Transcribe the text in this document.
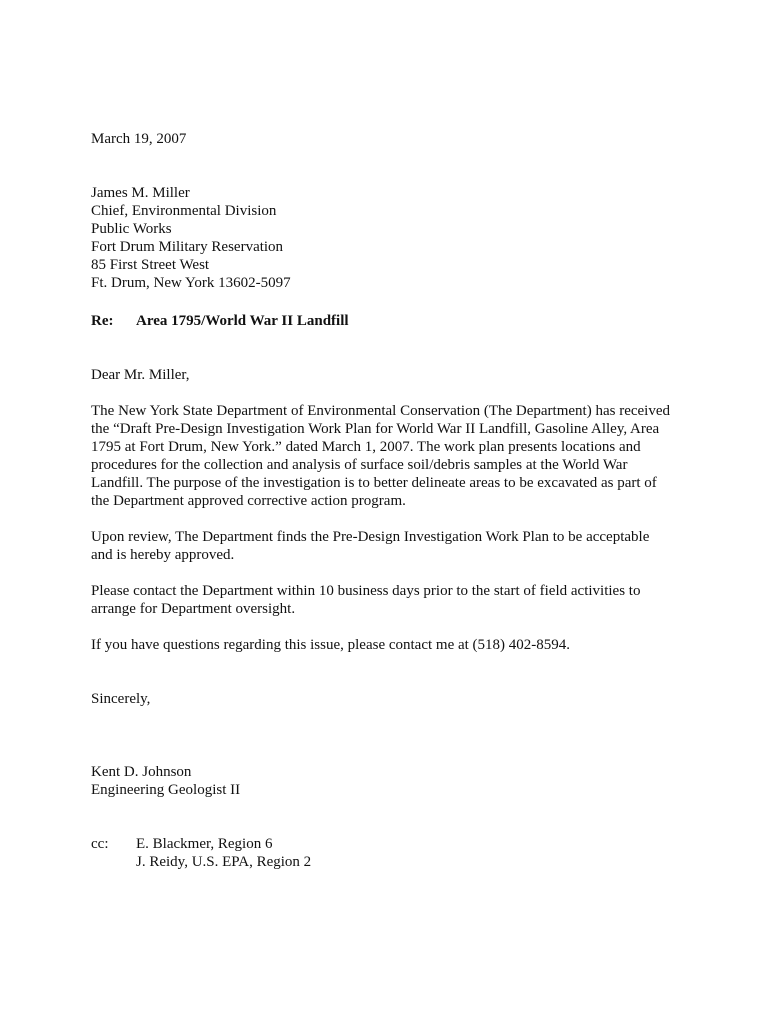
March 19, 2007
James M. Miller
Chief, Environmental Division
Public Works
Fort Drum Military Reservation
85 First Street West
Ft. Drum, New York 13602-5097
Re: Area 1795/World War II Landfill
Dear Mr. Miller,
The New York State Department of Environmental Conservation (The Department) has received
the “Draft Pre-Design Investigation Work Plan for World War II Landfill, Gasoline Alley, Area
1795 at Fort Drum, New York.” dated March 1, 2007. The work plan presents locations and
procedures for the collection and analysis of surface soil/debris samples at the World War
Landfill. The purpose of the investigation is to better delineate areas to be excavated as part of
the Department approved corrective action program.
Upon review, The Department finds the Pre-Design Investigation Work Plan to be acceptable
and is hereby approved.
Please contact the Department within 10 business days prior to the start of field activities to
arrange for Department oversight.
If you have questions regarding this issue, please contact me at (518) 402-8594.
Sincerely,
Kent D. Johnson
Engineering Geologist II
cc: E. Blackmer, Region 6
J. Reidy, U.S. EPA, Region 2
